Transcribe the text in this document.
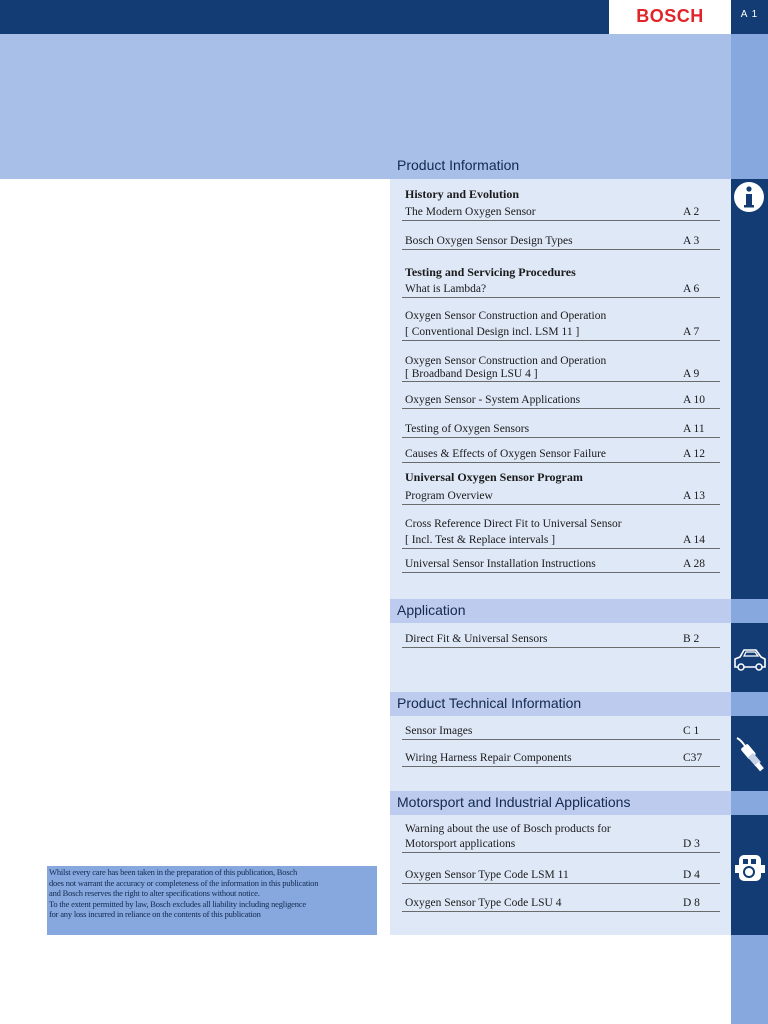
BOSCH	A 1
Product Information
History and Evolution
The Modern Oxygen Sensor	A 2
Bosch Oxygen Sensor Design Types	A 3
Testing and Servicing Procedures
What is Lambda?	A 6
Oxygen Sensor Construction and Operation
[ Conventional Design incl. LSM 11 ]	A 7
Oxygen Sensor Construction and Operation
[ Broadband Design LSU 4 ]	A 9
Oxygen Sensor - System Applications	A 10
Testing of Oxygen Sensors	A 11
Causes & Effects of Oxygen Sensor Failure	A 12
Universal Oxygen Sensor Program
Program Overview	A 13
Cross Reference Direct Fit to Universal Sensor
[ Incl. Test & Replace intervals ]	A 14
Universal Sensor Installation Instructions	A 28
Application
Direct Fit & Universal Sensors	B 2
Product Technical Information
Sensor Images	C 1
Wiring Harness Repair Components	C37
Motorsport and Industrial Applications
Warning about the use of Bosch products for
Motorsport applications	D 3
Oxygen Sensor Type Code LSM 11	D 4
Oxygen Sensor Type Code LSU 4	D 8
Whilst every care has been taken in the preparation of this publication, Bosch
does not warrant the accuracy or completeness of the information in this publication
and Bosch reserves the right to alter specifications without notice.
To the extent permitted by law, Bosch excludes all liability including negligence
for any loss incurred in reliance on the contents of this publication
